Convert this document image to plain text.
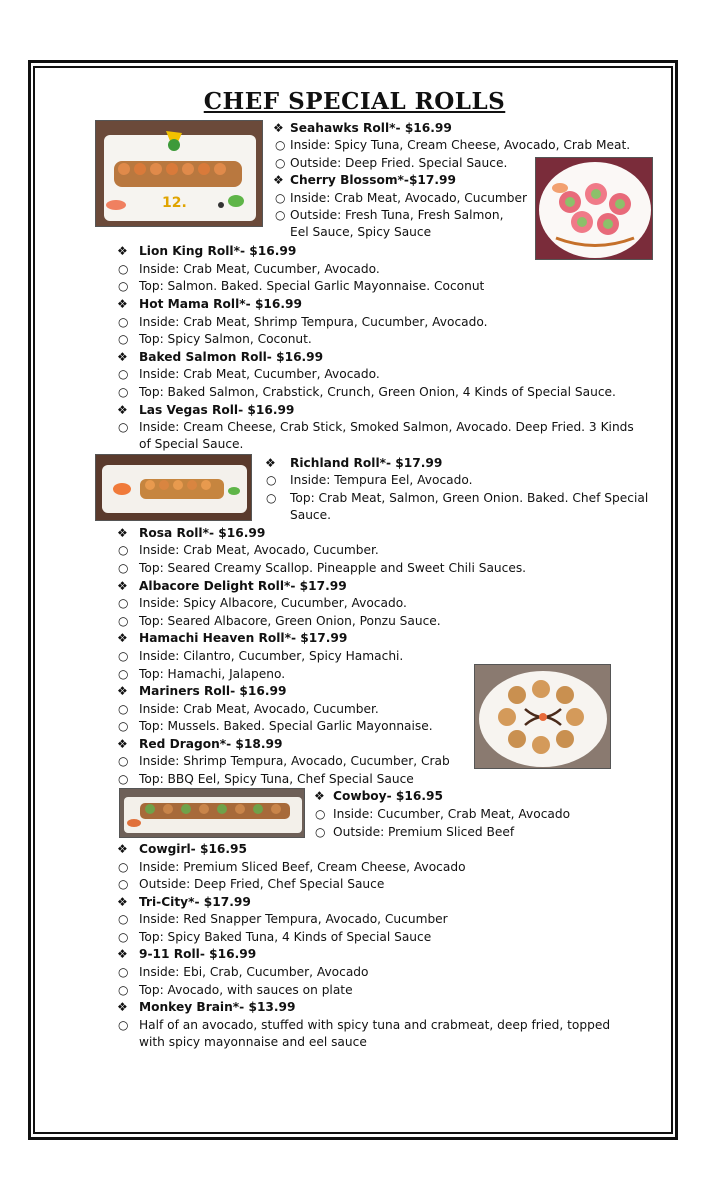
CHEF SPECIAL ROLLS
12.
❖ Seahawks Roll*- $16.99
○ Inside: Spicy Tuna, Cream Cheese, Avocado, Crab Meat.
○ Outside: Deep Fried. Special Sauce.
❖ Cherry Blossom*-$17.99
○ Inside: Crab Meat, Avocado, Cucumber
○ Outside: Fresh Tuna, Fresh Salmon, Eel Sauce, Spicy Sauce
❖ Lion King Roll*- $16.99
○ Inside: Crab Meat, Cucumber, Avocado.
○ Top: Salmon. Baked. Special Garlic Mayonnaise. Coconut
❖ Hot Mama Roll*- $16.99
○ Inside: Crab Meat, Shrimp Tempura, Cucumber, Avocado.
○ Top: Spicy Salmon, Coconut.
❖ Baked Salmon Roll- $16.99
○ Inside: Crab Meat, Cucumber, Avocado.
○ Top: Baked Salmon, Crabstick, Crunch, Green Onion, 4 Kinds of Special Sauce.
❖ Las Vegas Roll- $16.99
○ Inside: Cream Cheese, Crab Stick, Smoked Salmon, Avocado. Deep Fried. 3 Kinds of Special Sauce.
❖ Richland Roll*- $17.99
○ Inside: Tempura Eel, Avocado.
○ Top: Crab Meat, Salmon, Green Onion. Baked. Chef Special Sauce.
❖ Rosa Roll*- $16.99
○ Inside: Crab Meat, Avocado, Cucumber.
○ Top: Seared Creamy Scallop. Pineapple and Sweet Chili Sauces.
❖ Albacore Delight Roll*- $17.99
○ Inside: Spicy Albacore, Cucumber, Avocado.
○ Top: Seared Albacore, Green Onion, Ponzu Sauce.
❖ Hamachi Heaven Roll*- $17.99
○ Inside: Cilantro, Cucumber, Spicy Hamachi.
○ Top: Hamachi, Jalapeno.
❖ Mariners Roll- $16.99
○ Inside: Crab Meat, Avocado, Cucumber.
○ Top: Mussels. Baked. Special Garlic Mayonnaise.
❖ Red Dragon*- $18.99
○ Inside: Shrimp Tempura, Avocado, Cucumber, Crab
○ Top: BBQ Eel, Spicy Tuna, Chef Special Sauce
❖ Cowboy- $16.95
○ Inside: Cucumber, Crab Meat, Avocado
○ Outside: Premium Sliced Beef
❖ Cowgirl- $16.95
○ Inside: Premium Sliced Beef, Cream Cheese, Avocado
○ Outside: Deep Fried, Chef Special Sauce
❖ Tri-City*- $17.99
○ Inside: Red Snapper Tempura, Avocado, Cucumber
○ Top: Spicy Baked Tuna, 4 Kinds of Special Sauce
❖ 9-11 Roll- $16.99
○ Inside: Ebi, Crab, Cucumber, Avocado
○ Top: Avocado, with sauces on plate
❖ Monkey Brain*- $13.99
○ Half of an avocado, stuffed with spicy tuna and crabmeat, deep fried, topped with spicy mayonnaise and eel sauce
